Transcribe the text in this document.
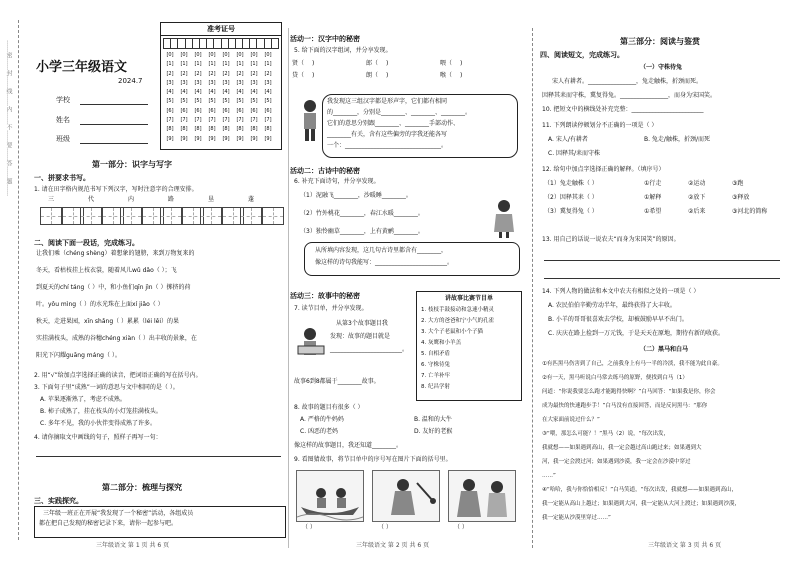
……密……封……线……内……不……要……答……题…… 小学三年级语文
2024.7
学校
姓名
班级
准考证号

[0] [0] [0] [0] [0] [0] [0] [0]
[1] [1] [1] [1] [1] [1] [1] [1]
[2] [2] [2] [2] [2] [2] [2] [2]
[3] [3] [3] [3] [3] [3] [3] [3]
[4] [4] [4] [4] [4] [4] [4] [4]
[5] [5] [5] [5] [5] [5] [5] [5]
[6] [6] [6] [6] [6] [6] [6] [6]
[7] [7] [7] [7] [7] [7] [7] [7]
[8] [8] [8] [8] [8] [8] [8] [8]
[9] [9] [9] [9] [9] [9] [9] [9]
第一部分：识字与写字
一、拼要求书写。
1. 请在田字格内规范书写下列汉字，写时注意字的合理安排。
三	代	内	路	垦	蓬
二、阅读下面一段话，完成练习。
让我们乘（chéng shèng）着想象的翅膀，来到万物复来的
冬天，看枯枝挂上枝衣裳，随着风儿wǔ dǎo（ ）；飞
到夏天的chí táng（ ）中，和小鱼们qīn jìn（ ）掷挤的荷
叶。yǒu mìng（ ）的水光珠在上面xí jiǎo（ ）
秋天，走进果园，xīn shǎng（ ）累累（léi lěi）的果
实挂满枝头，成熟的谷穗chéng xiàn（ ）出丰收的景象，在
阳光下闪耀guāng máng（ ）。
2. 用“√”给加点字选择正确的读音，把词语正确的写在括号内。
3. 下面句子里“成熟”一词的意思与文中相同的是（ ）。
A. 苹果逐渐熟了，考虑不成熟。
B. 柿子成熟了，挂在枝头的小灯笼挂满枝头。
C. 多年不见，我的小伙伴变得成熟了许多。
4. 请你摘取文中画线的句子，照样子再写一句：
第二部分：梳理与探究
三、实践探究。
三年级一班正在开展“我发现了一个秘密”活动，各组成员
都在把自己发现的秘密记录下来，请你一起参与吧。
三年级语文 第 1 页 共 6 页
活动一：汉字中的秘密
5. 给下面的汉字组词，并分享发现。
贤（ )	郎（ )	喂（ )
贷（ )	朗（ )	喉（ )
我发现这三组汉字都是形声字，它们都有相同
的________，分别是________、________、________。
它们的意思分别跟________、________手部动作、
________有关，含有这些偏旁的字我还能各写
一个：________________________________。
活动二：古诗中的秘密
6. 补充下面诗句，并分享发现。
（1）泥融飞________，沙暖睡________。
（2）竹外桃花________，春江水暖________。
（3）独怜幽草________，上有黄鹂________。
从所填内容发现，这几句古诗里都含有________，
像这样的诗句我能写：________________________。
活动三：故事中的秘密
7. 读节目单，并分享发现。
从第3个故事题目我
发现：故事的题目就是
________________________。
故事6到8都属于________故事。
讲故事比赛节目单
1. 枝枝手鼓接动和急速小精灵
2. 大方的爸爸和宁小气的孔雀
3. 大个子老鼠和小个子猫
4. 灰鹰和小羊羔
5. 自相矛盾
6. 守株待兔
7. 亡羊补牢
8. 纪昌学射
8. 故事的题目有很多（ ）
A. 严格的牛妈妈	B. 温和的大牛
C. 凶恶的老妈	D. 友好的老猴
像这样的故事题目，我还知道________。
9. 看图猜故事，将节目单中的序号写在图片下面的括号里。
（ ）	（ ）	（ ）
三年级语文 第 2 页 共 6 页
第三部分：阅读与鉴赏
四、阅读短文，完成练习。
（一）守株待兔
宋人有耕者。________________，兔走触株，折颈而死。
因释其耒而守株，冀复得兔。________________，而身为宋国笑。
10. 把短文中的横线处补充完整：________________________
11. 下列朗读停顿划分不正确的一项是（ ）
A. 宋人/有耕者	B. 兔走/触株，折颈/而死
C. 因释其/耒而守株
12. 给句中加点字选择正确的解释。（填序号）
（1）兔走触株（ ）	①行走	②运动	③跑
（2）因释其耒（ ）	①解释	②放下	③释放
（3）冀复得兔（ ）	①希望	②后来	③河北的简称
13. 用自己的话说一说农夫“而身为宋国笑”的原因。
14. 下列人物的做法和本文中农夫有相似之处的一项是（ ）
A. 农民伯伯辛勤劳动半年，最终获得了大丰收。
B. 小羊的哥哥很喜欢去学校，却被鼓励早早不出门。
C. 庆庆在路上捡到一万元钱，于是天天在原地，期待有新的收获。
（二）黑马和白马
①有匹黑马伤害到了自己，之前我身上有马一半的冷淡，我不能为此自豪。
②有一天，黑马听说白马常去练马的原野，便找到白马（1）
问道：“你说我要怎么跑才能跑得快啊？”白马回答：“如果我是你，你会
成为最快的快速跑步手！”白马没有直接回答，而是反问黑马：“那你
在大家面前说过什么？”
③“喂，那怎么可能？！”黑马（2）说，“每次出发，
我就想——如果遇到高山，我一定会越过高山跑过来；如果遇到大
河，我一定会渡过河；如果遇到沙漠，我一定会在沙漠中穿过
……”
④“哈哈，我与你恰恰相反！”白马笑道，“每次出发，我就想——如果遇到高山，
我一定能从高山上越过；如果遇到大河，我一定能从大河上渡过；如果遇到沙漠，
我一定能从沙漠里穿过……”
三年级语文 第 3 页 共 6 页
